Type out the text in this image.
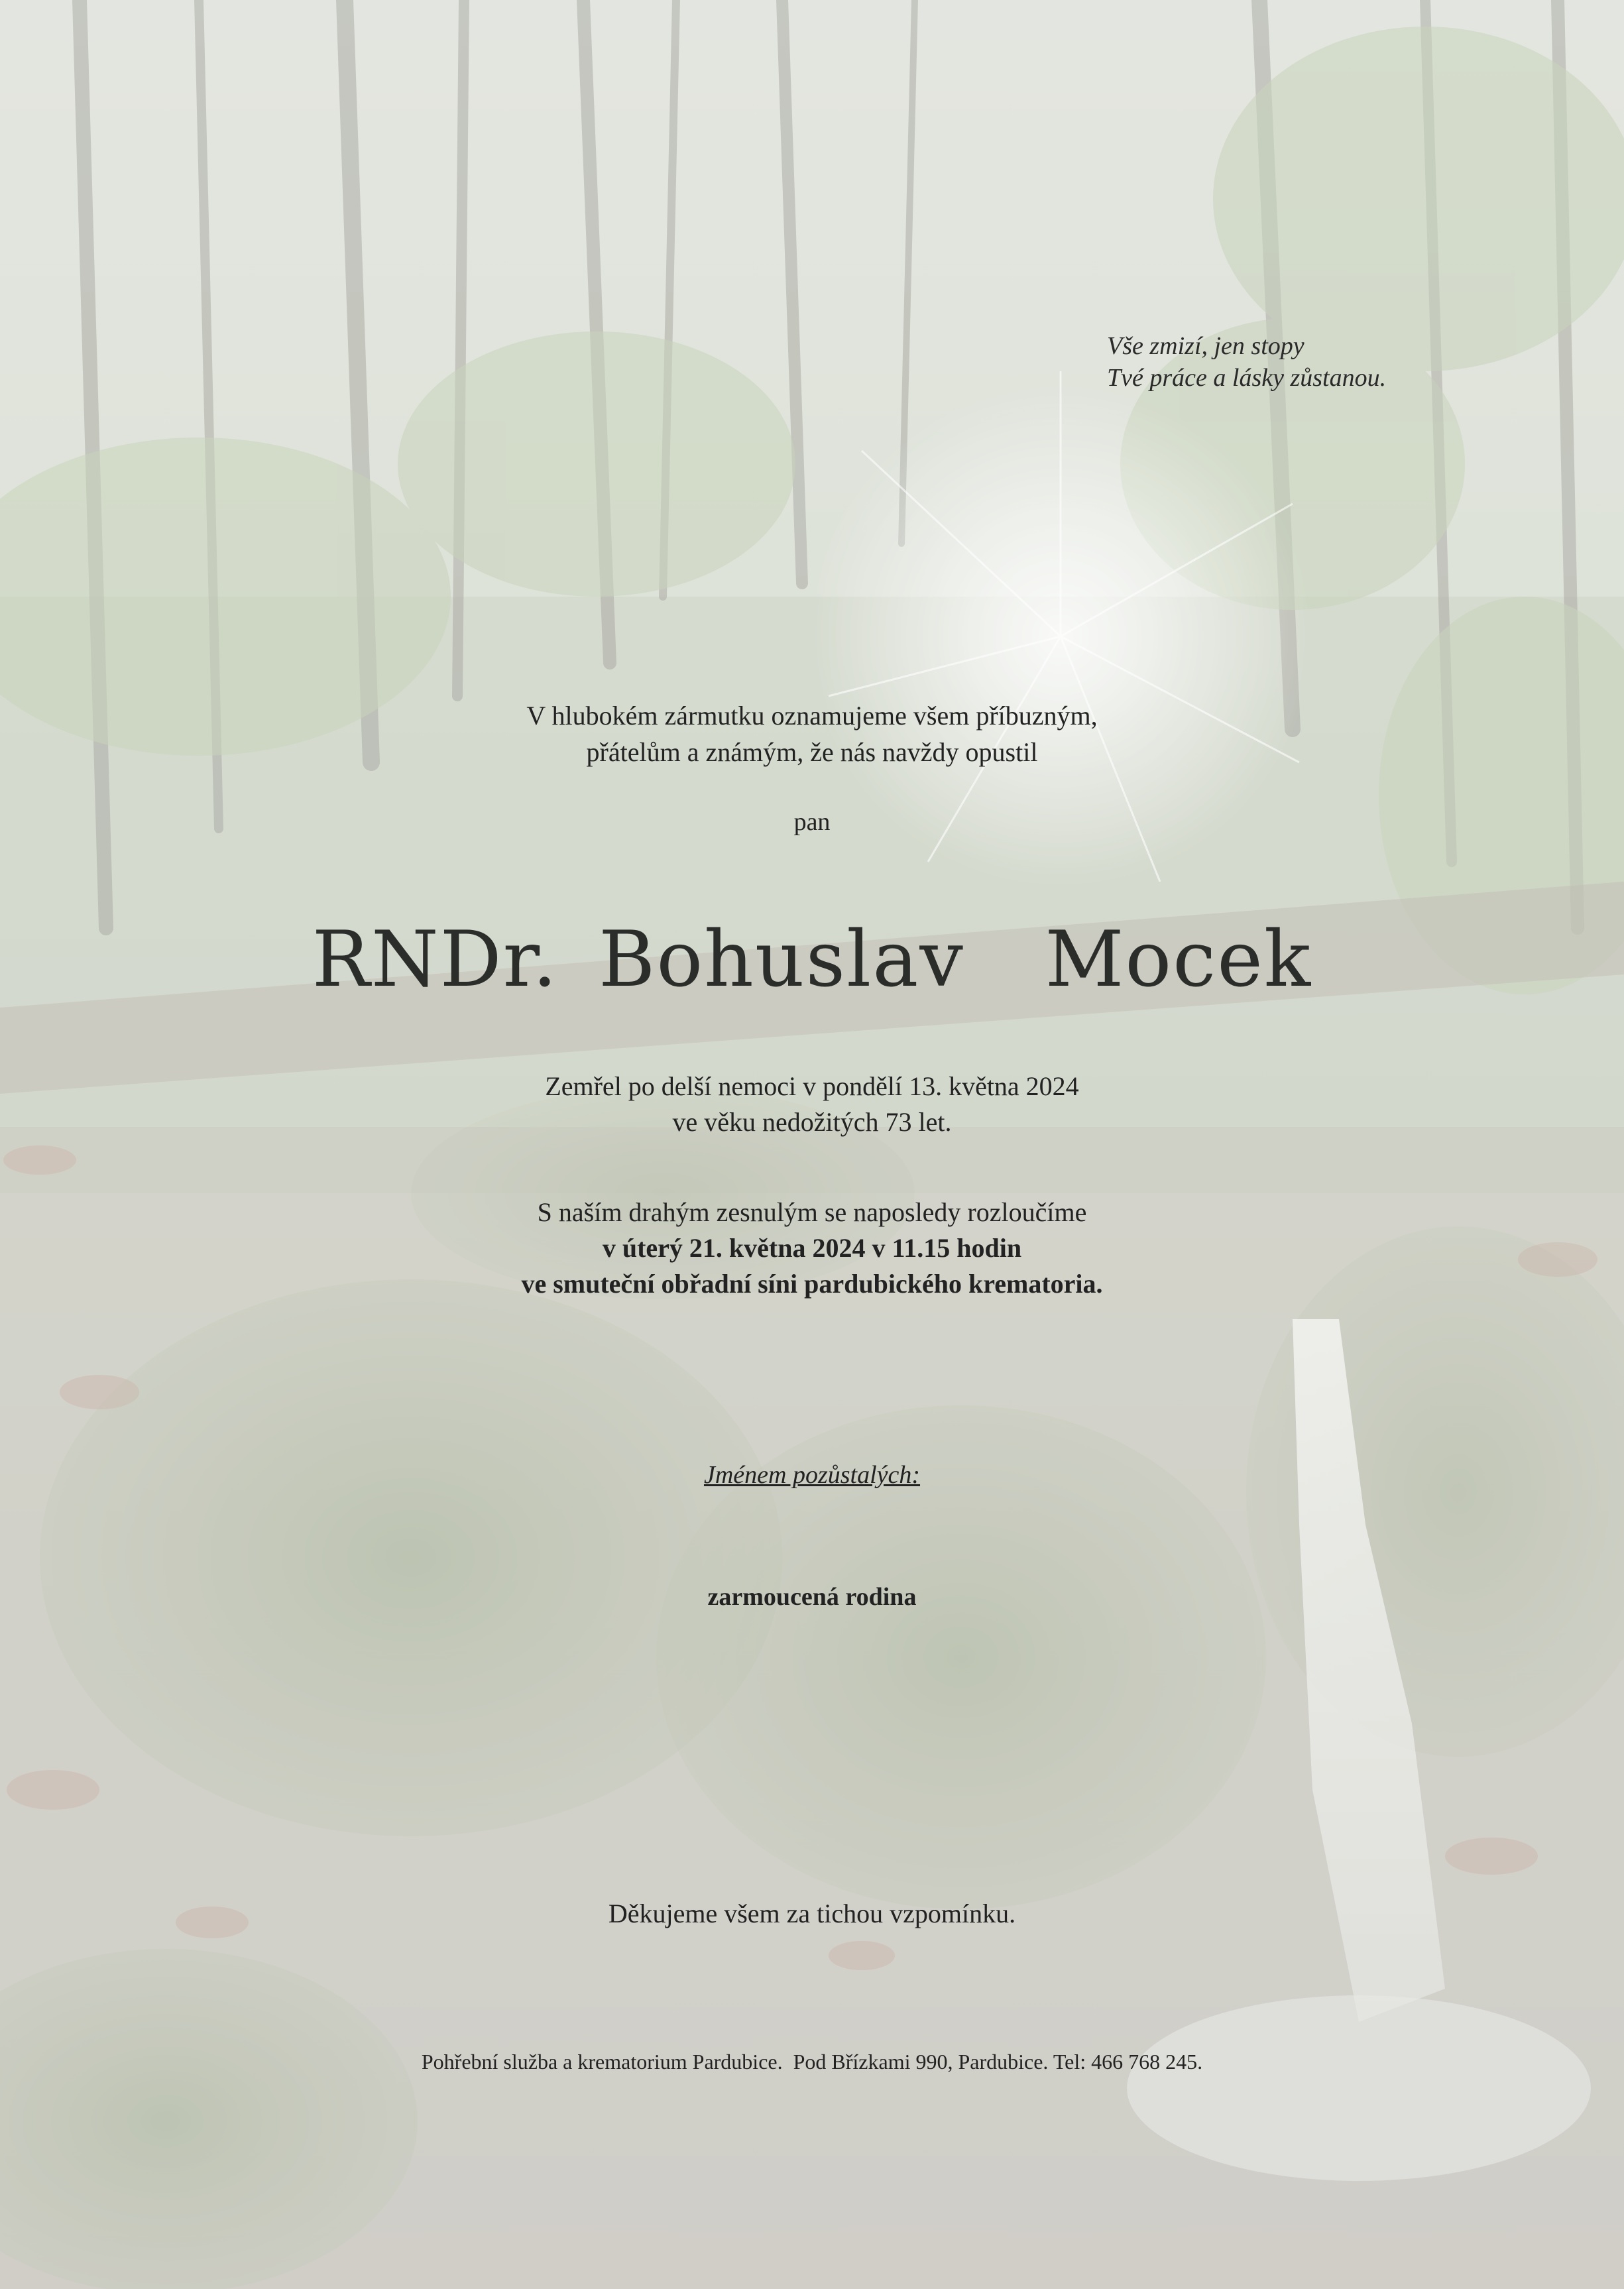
Vše zmizí, jen stopy
Tvé práce a lásky zůstanou.
V hlubokém zármutku oznamujeme všem příbuzným,
přátelům a známým, že nás navždy opustil
pan
RNDr. Bohuslav  Mocek
Zemřel po delší nemoci v pondělí 13. května 2024
ve věku nedožitých 73 let.
S naším drahým zesnulým se naposledy rozloučíme
v úterý 21. května 2024 v 11.15 hodin
ve smuteční obřadní síni pardubického krematoria.
Jménem pozůstalých:
zarmoucená rodina
Děkujeme všem za tichou vzpomínku.
Pohřební služba a krematorium Pardubice.  Pod Břízkami 990, Pardubice. Tel: 466 768 245.
